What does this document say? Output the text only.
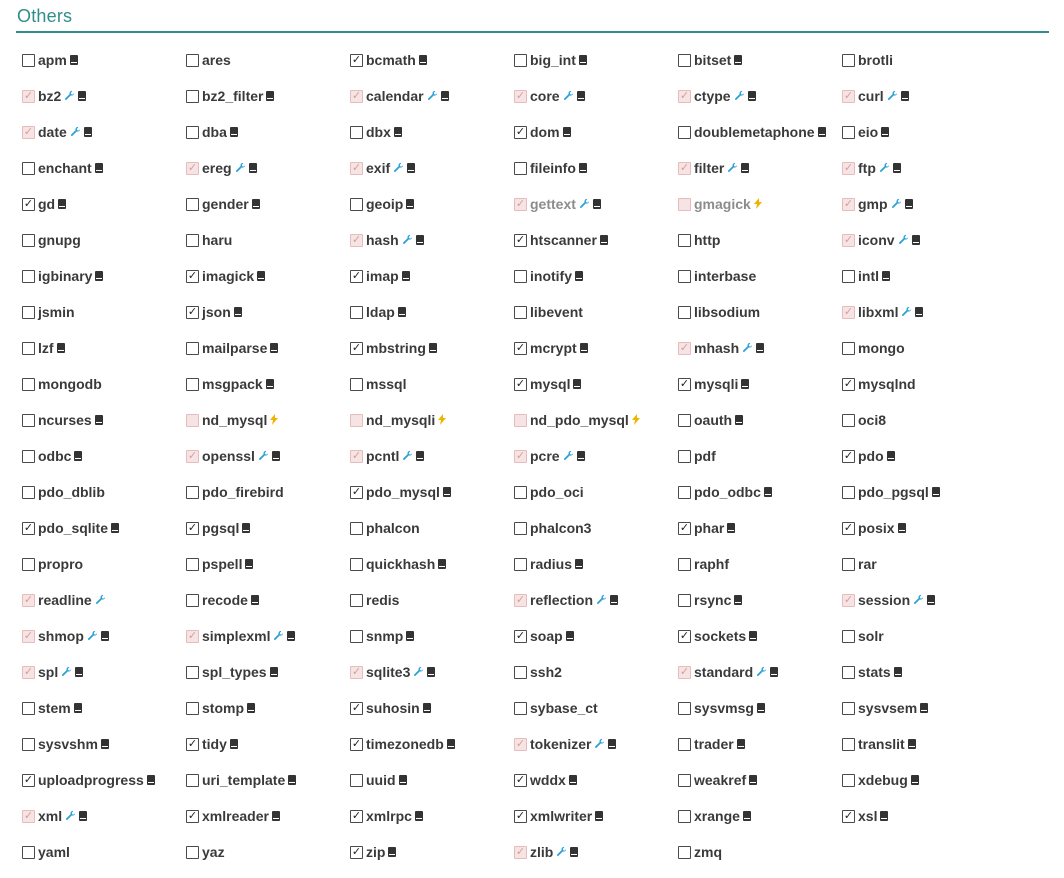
Others
apm	ares ✓	bcmath	big_int	bitset	brotli
✓
bz2	bz2_filter ✓	calendar ✓	core ✓	ctype ✓	curl
✓
date	dba	dbx ✓	dom	doublemetaphone	eio
enchant ✓	ereg ✓	exif	fileinfo ✓	filter ✓	ftp
✓
gd	gender	geoip ✓	gettext	gmagick ✓	gmp
gnupg	haru ✓	hash ✓	htscanner	http ✓	iconv
igbinary ✓	imagick ✓	imap	inotify	interbase	intl
jsmin ✓	json	ldap	libevent	libsodium ✓	libxml
lzf	mailparse ✓	mbstring ✓	mcrypt ✓	mhash	mongo
mongodb	msgpack	mssql ✓	mysql ✓	mysqli ✓	mysqlnd
ncurses	nd_mysql	nd_mysqli	nd_pdo_mysql	oauth	oci8
odbc ✓	openssl ✓	pcntl ✓	pcre	pdf ✓	pdo
pdo_dblib	pdo_firebird ✓	pdo_mysql	pdo_oci	pdo_odbc	pdo_pgsql
✓
pdo_sqlite ✓	pgsql	phalcon	phalcon3 ✓	phar ✓	posix
propro	pspell	quickhash	radius	raphf	rar
✓
readline	recode	redis ✓	reflection	rsync ✓	session
✓
shmop ✓	simplexml	snmp ✓	soap ✓	sockets	solr
✓
spl	spl_types ✓	sqlite3	ssh2 ✓	standard	stats
stem	stomp ✓	suhosin	sybase_ct	sysvmsg	sysvsem
sysvshm ✓	tidy ✓	timezonedb ✓	tokenizer	trader	translit
✓
uploadprogress	uri_template	uuid ✓	wddx	weakref	xdebug
✓
xml ✓	xmlreader ✓	xmlrpc ✓	xmlwriter	xrange ✓	xsl
yaml	yaz ✓	zip ✓	zlib	zmq
